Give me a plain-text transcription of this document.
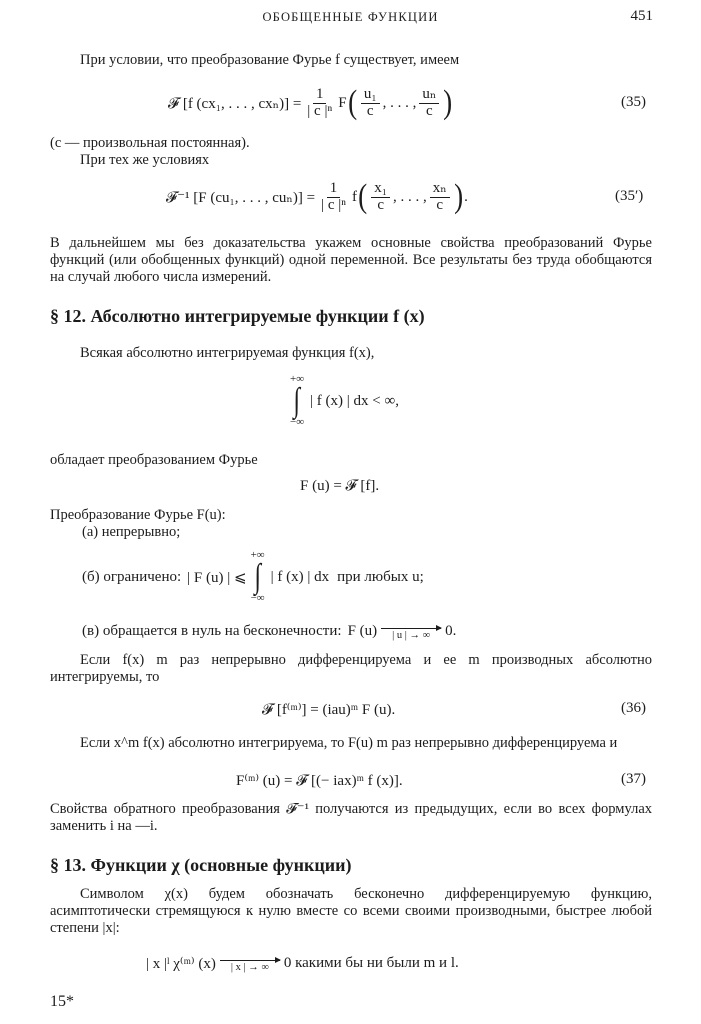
ОБОБЩЕННЫЕ ФУНКЦИИ	451
При условии, что преобразование Фурье f существует, имеем
𝓕 [f (cx₁, . . . , $cx_n)] = \frac{1}{\text{| c |ⁿ}}$ F ( $\frac{\text{u₁}}{c}$ , . . . , $\frac{\text{uₙ}}{c}$ )	(35)
(c — произвольная постоянная).
При тех же условиях
𝓕⁻¹ [F (cu₁, . . . , $cu_n)] = \frac{1}{\text{| c |ⁿ}}$ f ( $\frac{\text{x₁}}{c}$ , . . . , $\frac{\text{xₙ}}{c}$ ) .	(35′)
В дальнейшем мы без доказательства укажем основные свойства преобразований Фурье функций (или обобщенных функций) одной переменной. Все результаты без труда обобщаются на случай любого числа измерений.
§ 12. Абсолютно интегрируемые функции f (x)
Всякая абсолютно интегрируемая функция f(x),
+∞
∫
−∞
| f (x) | dx < ∞,
обладает преобразованием Фурье
F (u) = 𝓕 [f].
Преобразование Фурье F(u):
(а) непрерывно;
(б) ограничено: | F (u) | ⩽
+∞
∫
−∞
| f (x) | dx при любых u;
(в) обращается в нуль на бесконечности: F (u) | u | → ∞ 0.
Если f(x) m раз непрерывно дифференцируема и ее m производных абсолютно интегрируемы, то
𝓕 [f⁽ᵐ⁾] = (iau)ᵐ F (u).	(36)
Если x^m f(x) абсолютно интегрируема, то F(u) m раз непрерывно дифференцируема и
F⁽ᵐ⁾ (u) = 𝓕 [(− iax)ᵐ f (x)].	(37)
Свойства обратного преобразования 𝓕⁻¹ получаются из предыдущих, если во всех формулах заменить i на —i.
§ 13. Функции χ (основные функции)
Символом χ(x) будем обозначать бесконечно дифференцируемую функцию, асимптотически стремящуюся к нулю вместе со всеми своими производными, быстрее любой степени |x|:
| x |ˡ χ⁽ᵐ⁾ (x) | x | → ∞ 0 какими бы ни были m и l.
15*
